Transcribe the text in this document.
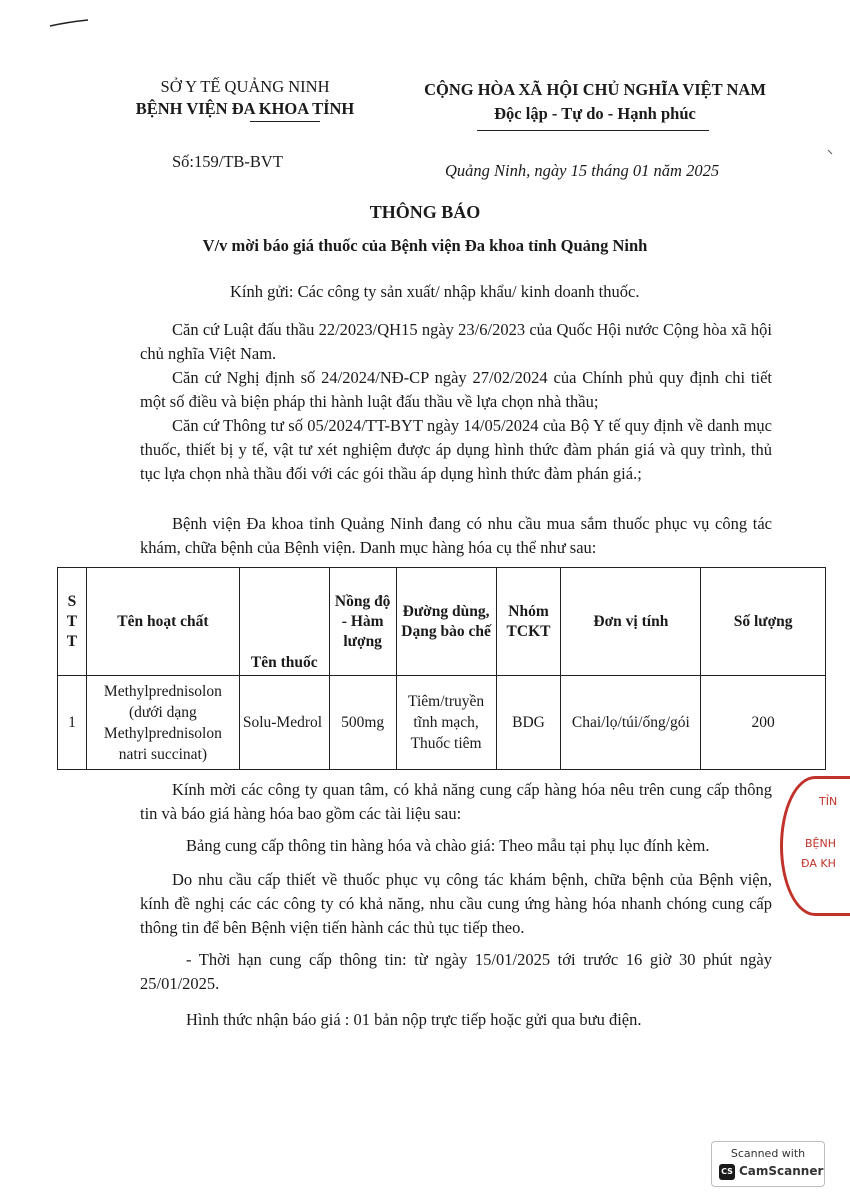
SỞ Y TẾ QUẢNG NINH
BỆNH VIỆN ĐA KHOA TỈNH
CỘNG HÒA XÃ HỘI CHỦ NGHĨA VIỆT NAM
Độc lập - Tự do - Hạnh phúc
Số:159/TB-BVT	Quảng Ninh, ngày 15 tháng 01 năm 2025
THÔNG BÁO
V/v mời báo giá thuốc của Bệnh viện Đa khoa tỉnh Quảng Ninh
Kính gửi: Các công ty sản xuất/ nhập khẩu/ kinh doanh thuốc.
Căn cứ Luật đấu thầu 22/2023/QH15 ngày 23/6/2023 của Quốc Hội nước Cộng hòa xã hội chủ nghĩa Việt Nam.
Căn cứ Nghị định số 24/2024/NĐ-CP ngày 27/02/2024 của Chính phủ quy định chi tiết một số điều và biện pháp thi hành luật đấu thầu về lựa chọn nhà thầu;
Căn cứ Thông tư số 05/2024/TT-BYT ngày 14/05/2024 của Bộ Y tế quy định về danh mục thuốc, thiết bị y tế, vật tư xét nghiệm được áp dụng hình thức đàm phán giá và quy trình, thủ tục lựa chọn nhà thầu đối với các gói thầu áp dụng hình thức đàm phán giá.;
Bệnh viện Đa khoa tỉnh Quảng Ninh đang có nhu cầu mua sắm thuốc phục vụ công tác khám, chữa bệnh của Bệnh viện. Danh mục hàng hóa cụ thể như sau:
S T T	Tên hoạt chất	Tên thuốc	Nồng độ - Hàm lượng	Đường dùng, Dạng bào chế	Nhóm TCKT	Đơn vị tính	Số lượng
1	Methylprednisolon (dưới dạng Methylprednisolon natri succinat)	Solu-Medrol	500mg	Tiêm/truyền tĩnh mạch, Thuốc tiêm	BDG	Chai/lọ/túi/ống/gói	200
Kính mời các công ty quan tâm, có khả năng cung cấp hàng hóa nêu trên cung cấp thông tin và báo giá hàng hóa bao gồm các tài liệu sau:
Bảng cung cấp thông tin hàng hóa và chào giá: Theo mẫu tại phụ lục đính kèm.
Do nhu cầu cấp thiết về thuốc phục vụ công tác khám bệnh, chữa bệnh của Bệnh viện, kính đề nghị các các công ty có khả năng, nhu cầu cung ứng hàng hóa nhanh chóng cung cấp thông tin để bên Bệnh viện tiến hành các thủ tục tiếp theo.
- Thời hạn cung cấp thông tin: từ ngày 15/01/2025 tới trước 16 giờ 30 phút ngày 25/01/2025.
Hình thức nhận báo giá : 01 bản nộp trực tiếp hoặc gửi qua bưu điện.
TỈN
BỆNH
ĐA KH
Scanned with
CS CamScanner
